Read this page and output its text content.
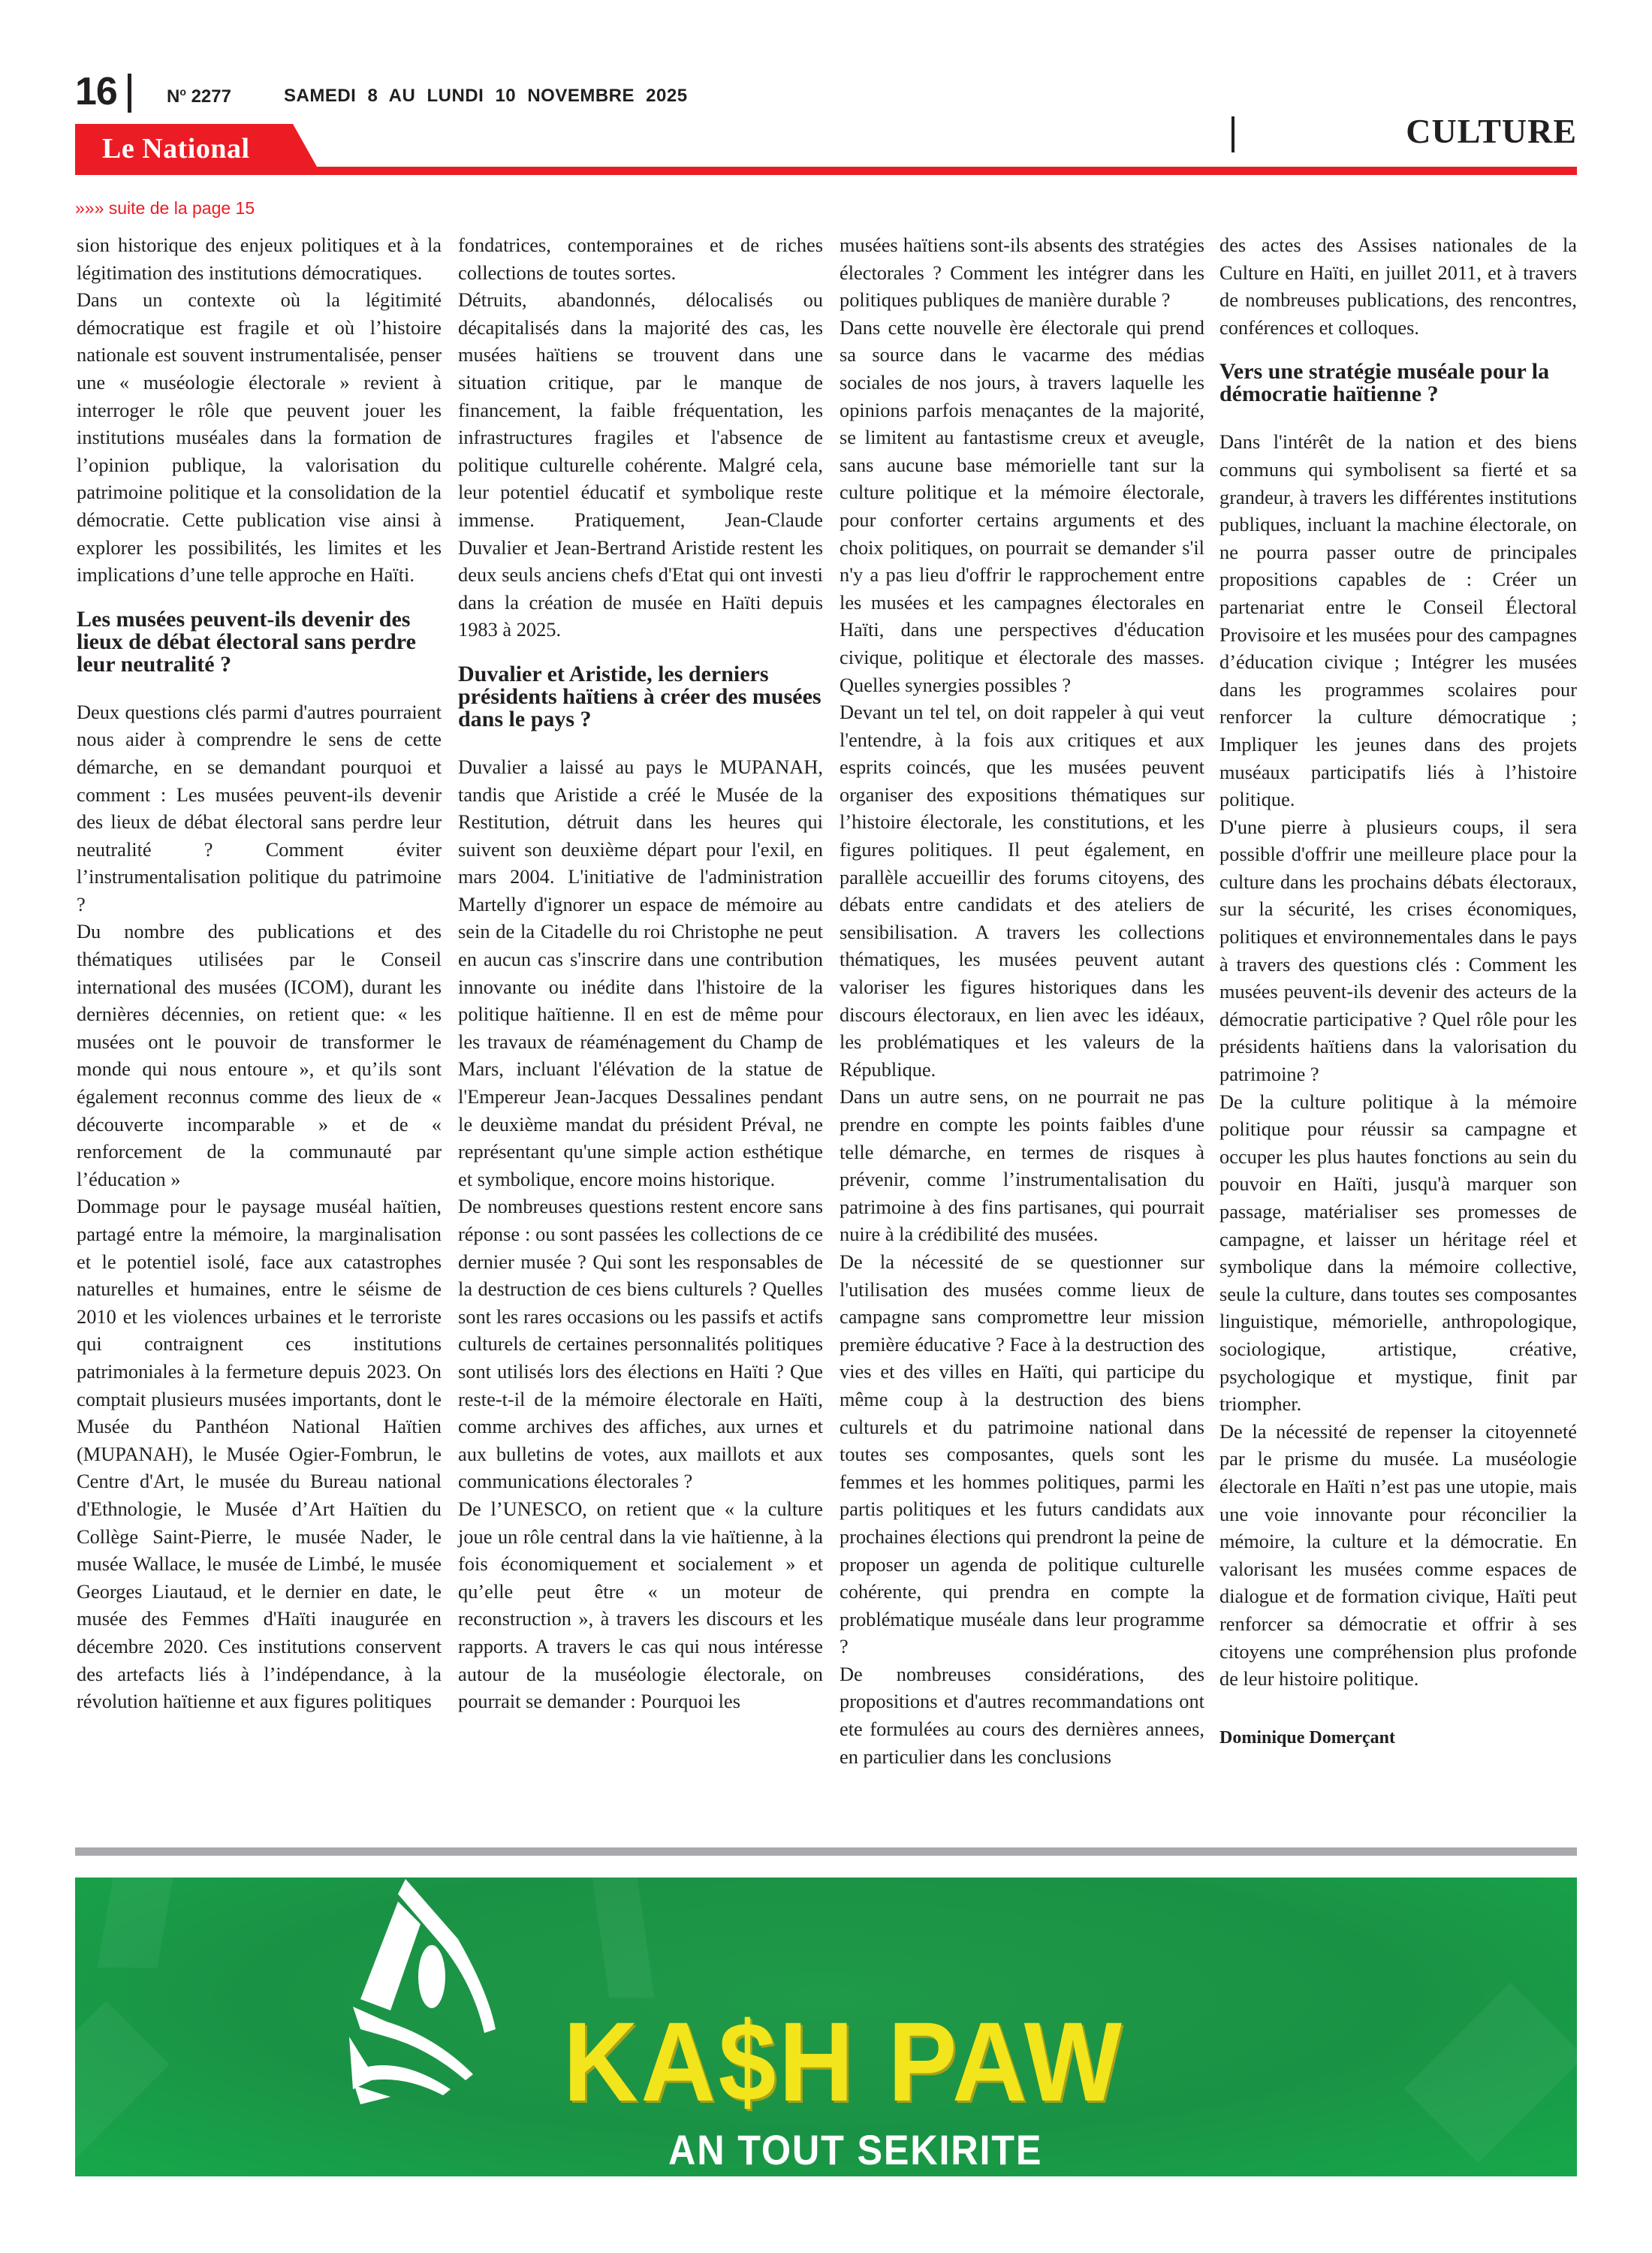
16	$N^o$ 2277	SAMEDI 8 AU LUNDI 10 NOVEMBRE 2025
CULTURE
Le National
»»» suite de la page 15

sion historique des enjeux politiques et à la légitimation des institutions démocratiques.

Dans un contexte où la légitimité démocratique est fragile et où l’histoire nationale est souvent instrumentalisée, penser une « muséologie électorale » revient à interroger le rôle que peuvent jouer les institutions muséales dans la formation de l’opinion publique, la valorisation du patrimoine politique et la consolidation de la démocratie. Cette publication vise ainsi à explorer les possibilités, les limites et les implications d’une telle approche en Haïti.

Les musées peuvent-ils devenir des lieux de débat électoral sans perdre leur neutralité ?

Deux questions clés parmi d'autres pourraient nous aider à comprendre le sens de cette démarche, en se demandant pourquoi et comment : Les musées peuvent-ils devenir des lieux de débat électoral sans perdre leur neutralité ? Comment éviter l’instrumentalisation politique du patrimoine ?

Du nombre des publications et des thématiques utilisées par le Conseil international des musées (ICOM), durant les dernières décennies, on retient que: « les musées ont le pouvoir de transformer le monde qui nous entoure », et qu’ils sont également reconnus comme des lieux de « découverte incomparable » et de « renforcement de la communauté par l’éducation »

Dommage pour le paysage muséal haïtien, partagé entre la mémoire, la marginalisation et le potentiel isolé, face aux catastrophes naturelles et humaines, entre le séisme de 2010 et les violences urbaines et le terroriste qui contraignent ces institutions patrimoniales à la fermeture depuis 2023. On comptait plusieurs musées importants, dont le Musée du Panthéon National Haïtien (MUPANAH), le Musée Ogier-Fombrun, le Centre d'Art, le musée du Bureau national d'Ethnologie, le Musée d’Art Haïtien du Collège Saint-Pierre, le musée Nader, le musée Wallace, le musée de Limbé, le musée Georges Liautaud, et le dernier en date, le musée des Femmes d'Haïti inaugurée en décembre 2020. Ces institutions conservent des artefacts liés à l’indépendance, à la révolution haïtienne et aux figures politiques

fondatrices, contemporaines et de riches collections de toutes sortes.

Détruits, abandonnés, délocalisés ou décapitalisés dans la majorité des cas, les musées haïtiens se trouvent dans une situation critique, par le manque de financement, la faible fréquentation, les infrastructures fragiles et l'absence de politique culturelle cohérente. Malgré cela, leur potentiel éducatif et symbolique reste immense. Pratiquement, Jean-Claude Duvalier et Jean-Bertrand Aristide restent les deux seuls anciens chefs d'Etat qui ont investi dans la création de musée en Haïti depuis 1983 à 2025.

Duvalier et Aristide, les derniers présidents haïtiens à créer des musées dans le pays ?

Duvalier a laissé au pays le MUPANAH, tandis que Aristide a créé le Musée de la Restitution, détruit dans les heures qui suivent son deuxième départ pour l'exil, en mars 2004. L'initiative de l'administration Martelly d'ignorer un espace de mémoire au sein de la Citadelle du roi Christophe ne peut en aucun cas s'inscrire dans une contribution innovante ou inédite dans l'histoire de la politique haïtienne. Il en est de même pour les travaux de réaménagement du Champ de Mars, incluant l'élévation de la statue de l'Empereur Jean-Jacques Dessalines pendant le deuxième mandat du président Préval, ne représentant qu'une simple action esthétique et symbolique, encore moins historique.

De nombreuses questions restent encore sans réponse : ou sont passées les collections de ce dernier musée ? Qui sont les responsables de la destruction de ces biens culturels ? Quelles sont les rares occasions ou les passifs et actifs culturels de certaines personnalités politiques sont utilisés lors des élections en Haïti ? Que reste-t-il de la mémoire électorale en Haïti, comme archives des affiches, aux urnes et aux bulletins de votes, aux maillots et aux communications électorales ?

De l’UNESCO, on retient que « la culture joue un rôle central dans la vie haïtienne, à la fois économiquement et socialement » et qu’elle peut être « un moteur de reconstruction », à travers les discours et les rapports. A travers le cas qui nous intéresse autour de la muséologie électorale, on pourrait se demander : Pourquoi les

musées haïtiens sont-ils absents des stratégies électorales ? Comment les intégrer dans les politiques publiques de manière durable ?

Dans cette nouvelle ère électorale qui prend sa source dans le vacarme des médias sociales de nos jours, à travers laquelle les opinions parfois menaçantes de la majorité, se limitent au fantastisme creux et aveugle, sans aucune base mémorielle tant sur la culture politique et la mémoire électorale, pour conforter certains arguments et des choix politiques, on pourrait se demander s'il n'y a pas lieu d'offrir le rapprochement entre les musées et les campagnes électorales en Haïti, dans une perspectives d'éducation civique, politique et électorale des masses. Quelles synergies possibles ?

Devant un tel tel, on doit rappeler à qui veut l'entendre, à la fois aux critiques et aux esprits coincés, que les musées peuvent organiser des expositions thématiques sur l’histoire électorale, les constitutions, et les figures politiques. Il peut également, en parallèle accueillir des forums citoyens, des débats entre candidats et des ateliers de sensibilisation. A travers les collections thématiques, les musées peuvent autant valoriser les figures historiques dans les discours électoraux, en lien avec les idéaux, les problématiques et les valeurs de la République.

Dans un autre sens, on ne pourrait ne pas prendre en compte les points faibles d'une telle démarche, en termes de risques à prévenir, comme l’instrumentalisation du patrimoine à des fins partisanes, qui pourrait nuire à la crédibilité des musées.

De la nécessité de se questionner sur l'utilisation des musées comme lieux de campagne sans compromettre leur mission première éducative ? Face à la destruction des vies et des villes en Haïti, qui participe du même coup à la destruction des biens culturels et du patrimoine national dans toutes ses composantes, quels sont les femmes et les hommes politiques, parmi les partis politiques et les futurs candidats aux prochaines élections qui prendront la peine de proposer un agenda de politique culturelle cohérente, qui prendra en compte la problématique muséale dans leur programme ?

De nombreuses considérations, des propositions et d'autres recommandations ont ete formulées au cours des dernières annees, en particulier dans les conclusions

des actes des Assises nationales de la Culture en Haïti, en juillet 2011, et à travers de nombreuses publications, des rencontres, conférences et colloques.

Vers une stratégie muséale pour la démocratie haïtienne ?

Dans l'intérêt de la nation et des biens communs qui symbolisent sa fierté et sa grandeur, à travers les différentes institutions publiques, incluant la machine électorale, on ne pourra passer outre de principales propositions capables de : Créer un partenariat entre le Conseil Électoral Provisoire et les musées pour des campagnes d’éducation civique ; Intégrer les musées dans les programmes scolaires pour renforcer la culture démocratique ; Impliquer les jeunes dans des projets muséaux participatifs liés à l’histoire politique.

D'une pierre à plusieurs coups, il sera possible d'offrir une meilleure place pour la culture dans les prochains débats électoraux, sur la sécurité, les crises économiques, politiques et environnementales dans le pays à travers des questions clés : Comment les musées peuvent-ils devenir des acteurs de la démocratie participative ? Quel rôle pour les présidents haïtiens dans la valorisation du patrimoine ?

De la culture politique à la mémoire politique pour réussir sa campagne et occuper les plus hautes fonctions au sein du pouvoir en Haïti, jusqu'à marquer son passage, matérialiser ses promesses de campagne, et laisser un héritage réel et symbolique dans la mémoire collective, seule la culture, dans toutes ses composantes linguistique, mémorielle, anthropologique, sociologique, artistique, créative, psychologique et mystique, finit par triompher.

De la nécessité de repenser la citoyenneté par le prisme du musée. La muséologie électorale en Haïti n’est pas une utopie, mais une voie innovante pour réconcilier la mémoire, la culture et la démocratie. En valorisant les musées comme espaces de dialogue et de formation civique, Haïti peut renforcer sa démocratie et offrir à ses citoyens une compréhension plus profonde de leur histoire politique.

Dominique Domerçant

KA$H PAW
AN TOUT SEKIRITE
